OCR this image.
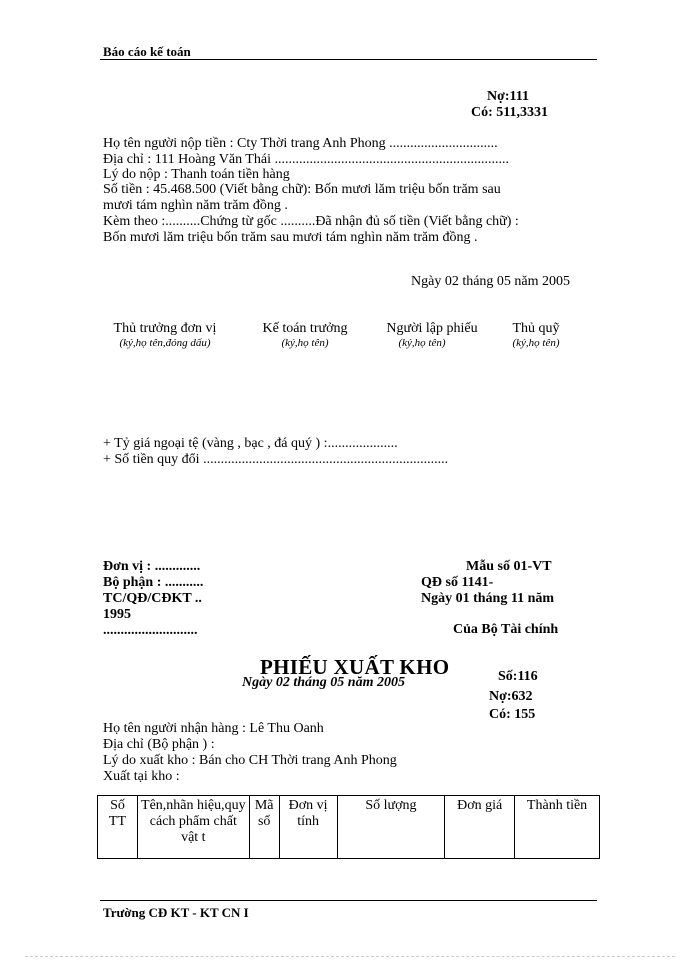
Báo cáo kế toán
Nợ:111
Có: 511,3331
Họ tên người nộp tiền : Cty Thời trang Anh Phong ...............................
Địa chỉ : 111 Hoàng Văn Thái ...................................................................
Lý do nộp : Thanh toán tiền hàng
Số tiền : 45.468.500 (Viết bằng chữ): Bốn mươi lăm triệu bốn trăm sau
mươi tám nghìn năm trăm đồng .
Kèm theo :..........Chứng từ gốc ..........Đã nhận đủ số tiền (Viết bằng chữ) :
Bốn mươi lăm triệu bốn trăm sau mươi tám nghìn năm trăm đồng .
Ngày 02 tháng 05 năm 2005
Thủ trưởng đơn vị
(ký,họ tên,đóng dấu)
Kế toán trưởng
(ký,họ tên)
Người lập phiếu
(ký,họ tên)
Thủ quỹ
(ký,họ tên)
+ Tỷ giá ngoại tệ (vàng , bạc , đá quý ) :....................
+ Số tiền quy đổi ......................................................................
Đơn vị : .............
Bộ phận : ...........
TC/QĐ/CĐKT ..
1995
...........................
Mẫu số 01-VT
QĐ số 1141-
Ngày 01 tháng 11 năm
Của Bộ Tài chính
PHIẾU XUẤT KHO
Ngày 02 tháng 05 năm 2005	Số:116
Nợ:632
Có: 155
Họ tên người nhận hàng : Lê Thu Oanh
Địa chỉ (Bộ phận ) :
Lý do xuất kho : Bán cho CH Thời trang Anh Phong
Xuất tại kho :
Số TT	Tên,nhãn hiệu,quy cách phẩm chất vật t	Mã số	Đơn vị tính	Số lượng	Đơn giá	Thành tiền
Trường CĐ KT - KT CN I
